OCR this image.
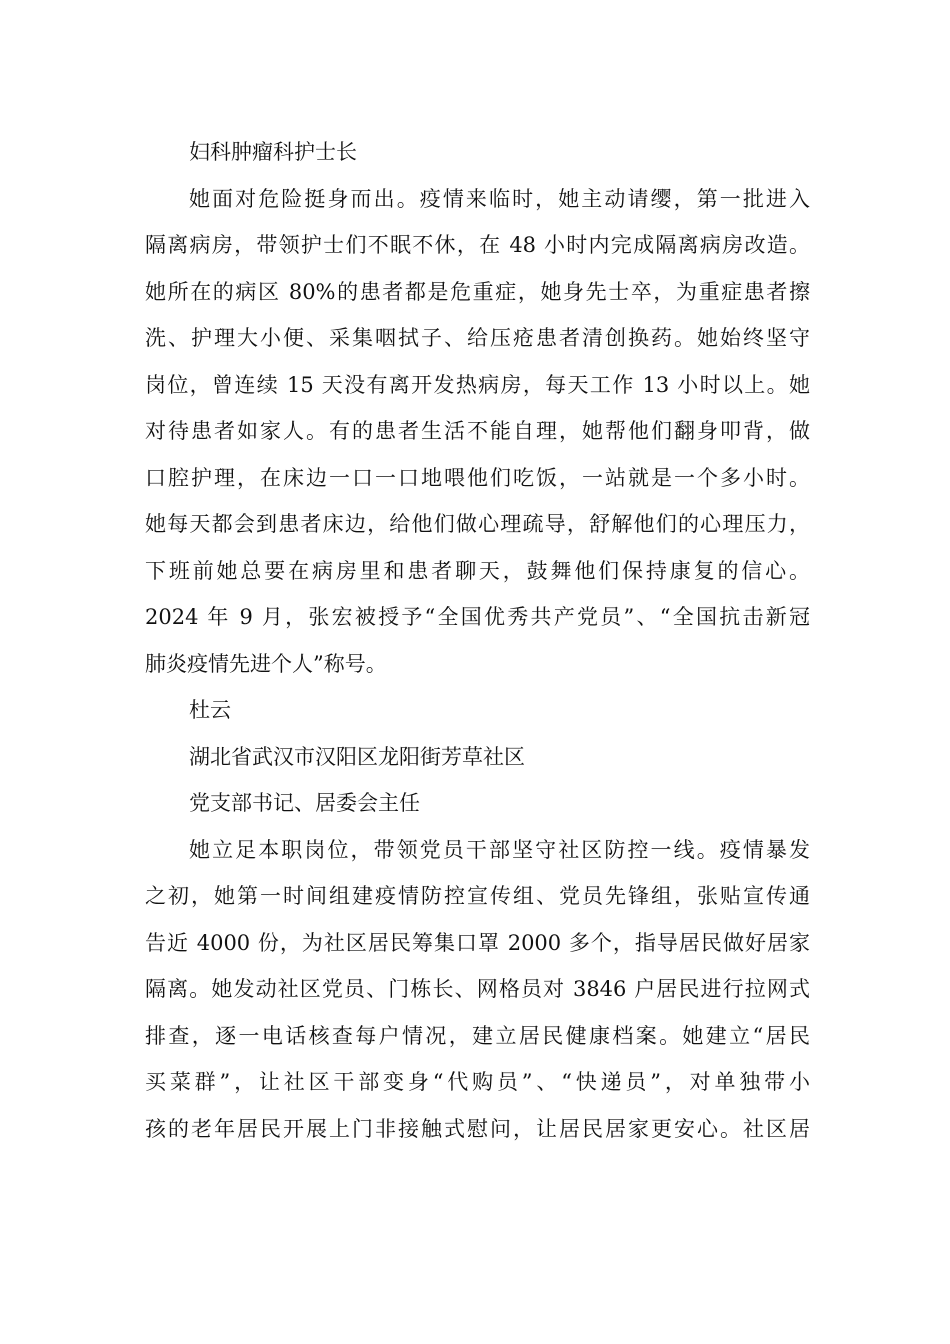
妇科肿瘤科护士长
她面对危险挺身而出。疫情来临时，她主动请缨，第一批进入
隔离病房，带领护士们不眠不休，在 48 小时内完成隔离病房改造。
她所在的病区 80%的患者都是危重症，她身先士卒，为重症患者擦
洗、护理大小便、采集咽拭子、给压疮患者清创换药。她始终坚守
岗位，曾连续 15 天没有离开发热病房，每天工作 13 小时以上。她
对待患者如家人。有的患者生活不能自理，她帮他们翻身叩背，做
口腔护理，在床边一口一口地喂他们吃饭，一站就是一个多小时。
她每天都会到患者床边，给他们做心理疏导，舒解他们的心理压力，
下班前她总要在病房里和患者聊天，鼓舞他们保持康复的信心。
2024 年 9 月，张宏被授予“全国优秀共产党员”、“全国抗击新冠
肺炎疫情先进个人”称号。
杜云
湖北省武汉市汉阳区龙阳街芳草社区
党支部书记、居委会主任
她立足本职岗位，带领党员干部坚守社区防控一线。疫情暴发
之初，她第一时间组建疫情防控宣传组、党员先锋组，张贴宣传通
告近 4000 份，为社区居民筹集口罩 2000 多个，指导居民做好居家
隔离。她发动社区党员、门栋长、网格员对 3846 户居民进行拉网式
排查，逐一电话核查每户情况，建立居民健康档案。她建立“居民
买菜群”，让社区干部变身“代购员”、“快递员”，对单独带小
孩的老年居民开展上门非接触式慰问，让居民居家更安心。社区居
